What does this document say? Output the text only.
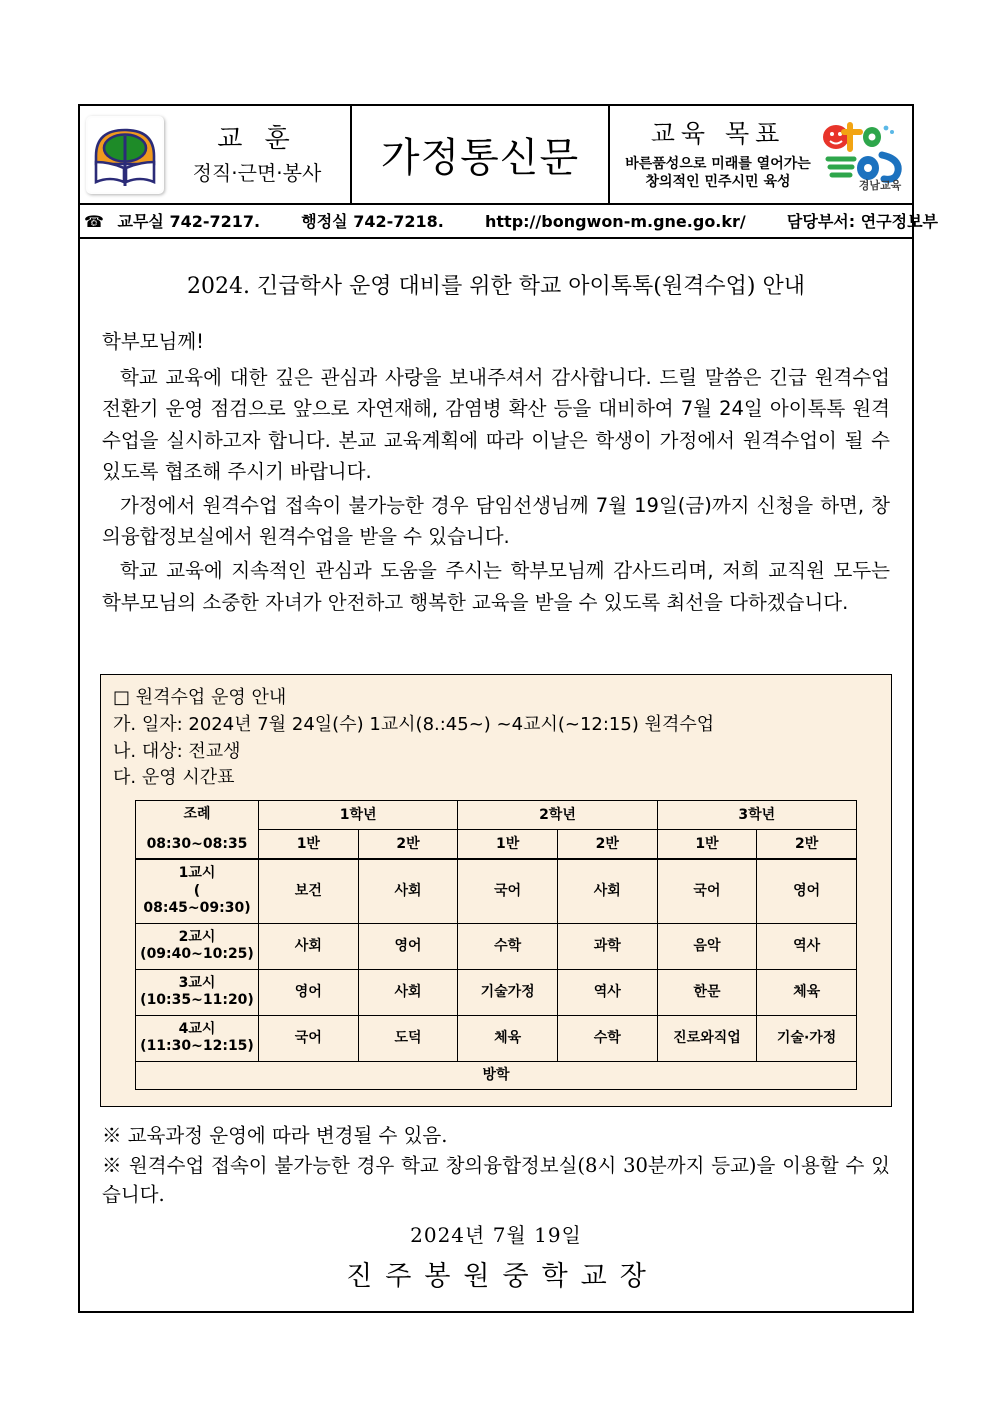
교 훈
정직·근면·봉사	가정통신문
교육 목표
바른품성으로 미래를 열어가는
창의적인 민주시민 육성	경남교육
☎ 교무실 742-7217.	행정실 742-7218.	http://bongwon-m.gne.go.kr/	담당부서: 연구정보부
2024. 긴급학사 운영 대비를 위한 학교 아이톡톡(원격수업) 안내
학부모님께!
학교 교육에 대한 깊은 관심과 사랑을 보내주셔서 감사합니다. 드릴 말씀은 긴급 원격수업 전환기 운영 점검으로 앞으로 자연재해, 감염병 확산 등을 대비하여 7월 24일 아이톡톡 원격수업을 실시하고자 합니다. 본교 교육계획에 따라 이날은 학생이 가정에서 원격수업이 될 수 있도록 협조해 주시기 바랍니다.
가정에서 원격수업 접속이 불가능한 경우 담임선생님께 7월 19일(금)까지 신청을 하면, 창의융합정보실에서 원격수업을 받을 수 있습니다.
학교 교육에 지속적인 관심과 도움을 주시는 학부모님께 감사드리며, 저희 교직원 모두는 학부모님의 소중한 자녀가 안전하고 행복한 교육을 받을 수 있도록 최선을 다하겠습니다.
□ 원격수업 운영 안내
가. 일자: 2024년 7월 24일(수) 1교시(8.:45~) ~4교시(~12:15) 원격수업
나. 대상: 전교생
다. 운영 시간표
조례
08:30~08:35	1학년		2학년		3학년	
	1반	2반	1반	2반	1반	2반

1교시
( 08:45~09:30)	보건	사회	국어	사회	국어	영어

2교시
(09:40~10:25)	사회	영어	수학	과학	음악	역사

3교시
(10:35~11:20)	영어	사회	기술가정	역사	한문	체육

4교시
(11:30~12:15)	국어	도덕	체육	수학	진로와직업	기술·가정
방학						
※ 교육과정 운영에 따라 변경될 수 있음.
※ 원격수업 접속이 불가능한 경우 학교 창의융합정보실(8시 30분까지 등교)을 이용할 수 있습니다.
2024년 7월 19일
진주봉원중학교장
